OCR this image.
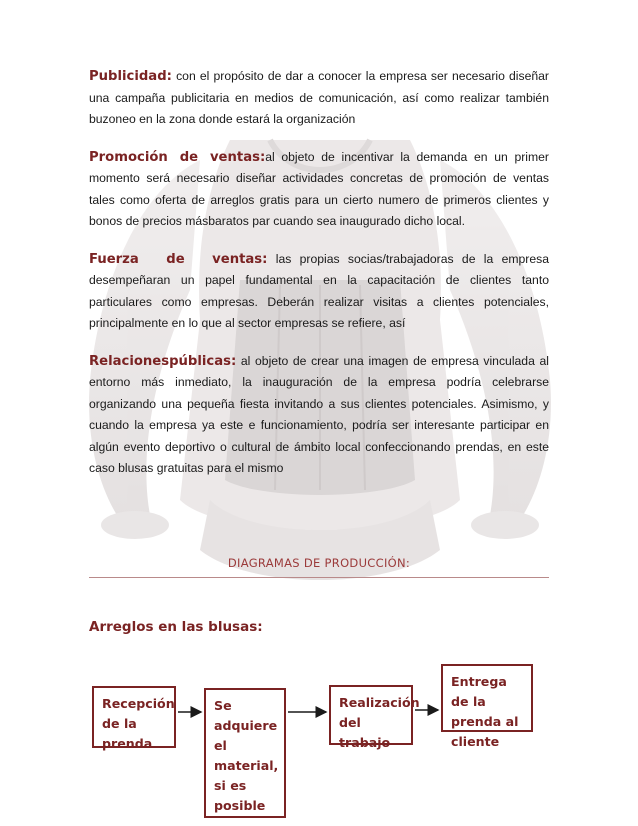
Publicidad: con el propósito de dar a conocer la empresa ser necesario diseñar una campaña publicitaria en medios de comunicación, así como realizar también buzoneo en la zona donde estará la organización

Promoción de ventas:al objeto de incentivar la demanda en un primer momento será necesario diseñar actividades concretas de promoción de ventas tales como oferta de arreglos gratis para un cierto numero de primeros clientes y bonos de precios másbaratos par cuando sea inaugurado dicho local.

Fuerza de ventas: las propias socias/trabajadoras de la empresa desempeñaran un papel fundamental en la capacitación de clientes tanto particulares como empresas. Deberán realizar visitas a clientes potenciales, principalmente en lo que al sector empresas se refiere, así

Relacionespúblicas: al objeto de crear una imagen de empresa vinculada al entorno más inmediato, la inauguración de la empresa podría celebrarse organizando una pequeña fiesta invitando a sus clientes potenciales. Asimismo, y cuando la empresa ya este e funcionamiento, podría ser interesante participar en algún evento deportivo o cultural de ámbito local confeccionando prendas, en este caso blusas gratuitas para el mismo

DIAGRAMAS DE PRODUCCIÓN:
Arreglos en las blusas:
Recepción de la prenda
Se adquiere el material, si es posible
Realización del trabajo
Entrega de la prenda al cliente
